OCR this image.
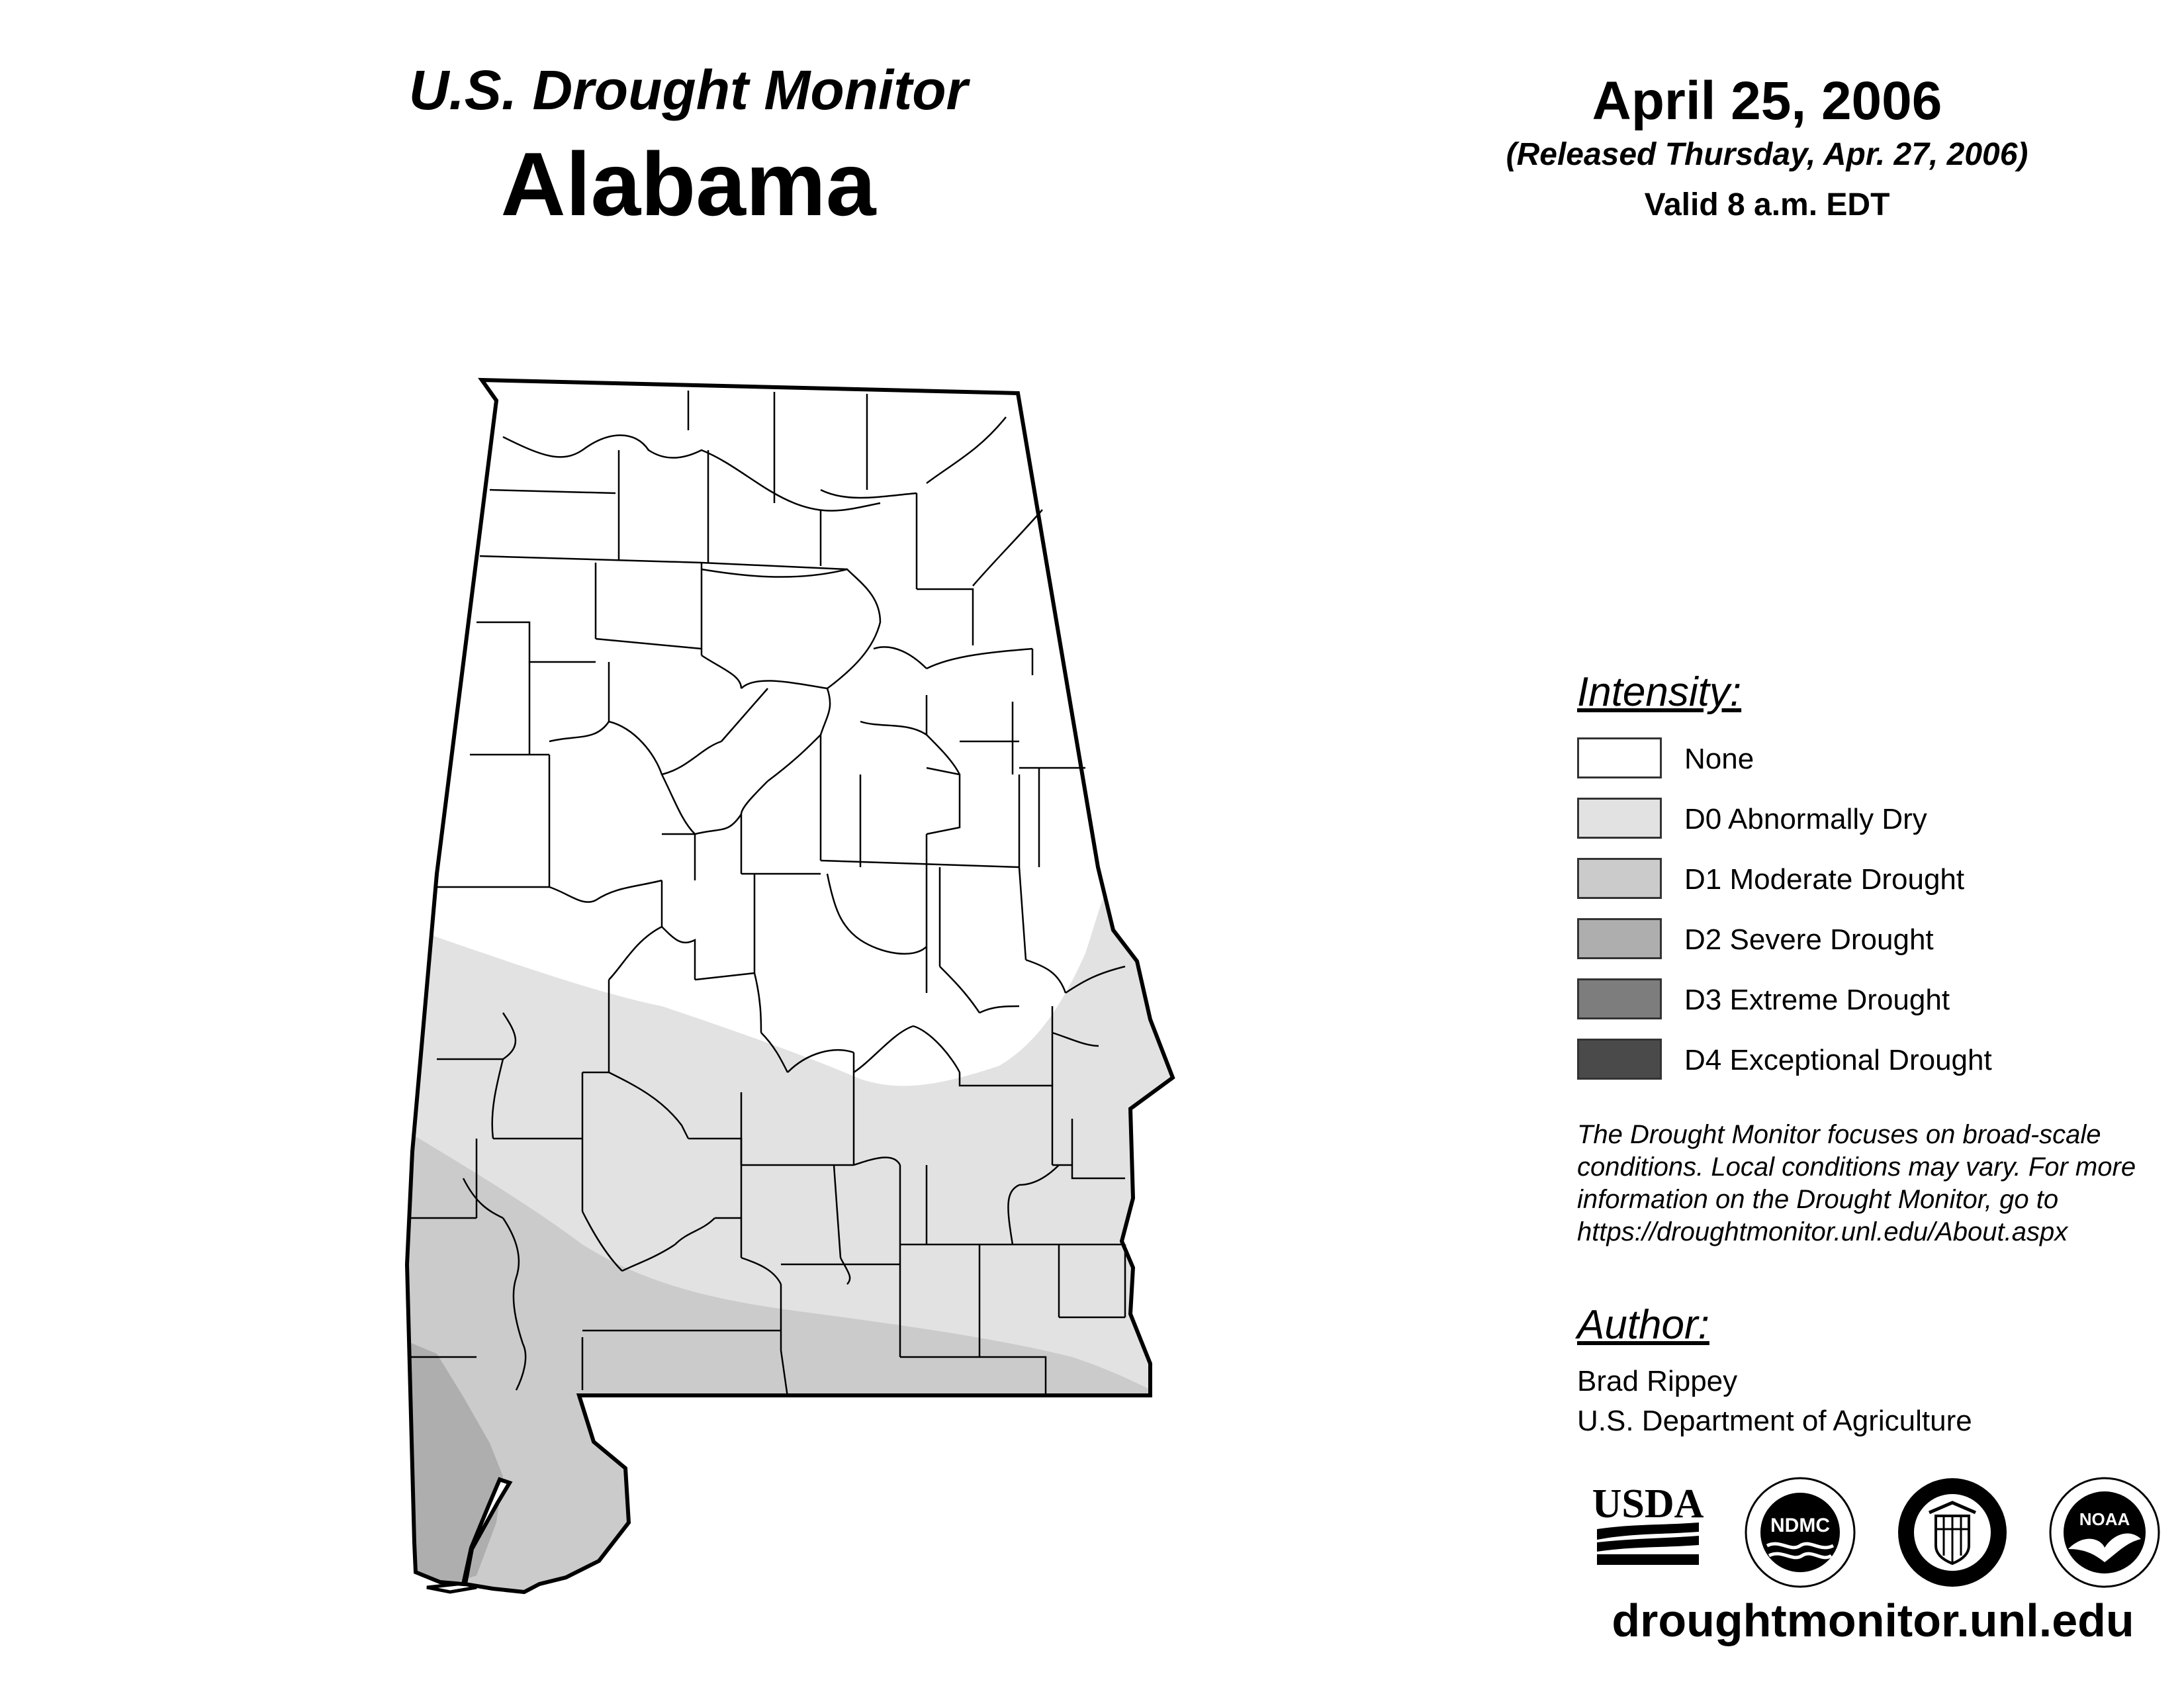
U.S. Drought Monitor
Alabama
April 25, 2006
(Released Thursday, Apr. 27, 2006)
Valid 8 a.m. EDT
Intensity:
None
D0 Abnormally Dry
D1 Moderate Drought
D2 Severe Drought
D3 Extreme Drought
D4 Exceptional Drought
The Drought Monitor focuses on broad-scale conditions. Local conditions may vary. For more information on the Drought Monitor, go to https://droughtmonitor.unl.edu/About.aspx
Author:
Brad Rippey
U.S. Department of Agriculture
USDA	NDMC	NOAA
droughtmonitor.unl.edu
